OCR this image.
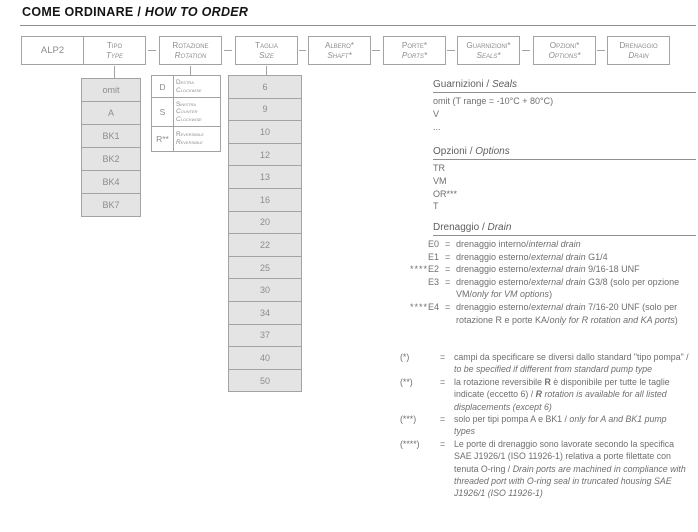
COME ORDINARE / HOW TO ORDER
ALP2	Tipo
Type
Rotazione
Rotation
Taglia
Size
Albero*
Shaft*
Porte*
Ports*
Guarnizioni*
Seals*
Opzioni*
Options*
Drenaggio
Drain
omit
A
BK1
BK2
BK4
BK7
D	Destra
Clockwise
S
Sinistra
Counter
Clockwise
R**	Reversibile
Reversible
6
9
10
12
13
16
20
22
25
30
34
37
40
50
Guarnizioni / Seals
omit (T range = -10°C + 80°C)
V
...
Opzioni / Options
TR
VM
OR***
T
Drenaggio / Drain
E0 = drenaggio interno/internal drain
E1 = drenaggio esterno/external drain G1/4
**** E2 = drenaggio esterno/external drain 9/16-18 UNF
E3 = drenaggio esterno/external drain G3/8 (solo per opzione VM/only for VM options)
**** E4 = drenaggio esterno/external drain 7/16-20 UNF (solo per rotazione R e porte KA/only for R rotation and KA ports)
(*)	=	campi da specificare se diversi dallo standard "tipo pompa" / to be specified if different from standard pump type
(**)	=	la rotazione reversibile R è disponibile per tutte le taglie indicate (eccetto 6) / R rotation is available for all listed displacements (except 6)
(***)	=	solo per tipi pompa A e BK1 / only for A and BK1 pump types
(****)	=	Le porte di drenaggio sono lavorate secondo la specifica SAE J1926/1 (ISO 11926-1) relativa a porte filettate con tenuta O-ring / Drain ports are machined in compliance with threaded port with O-ring seal in truncated housing SAE J1926/1 (ISO 11926-1)
